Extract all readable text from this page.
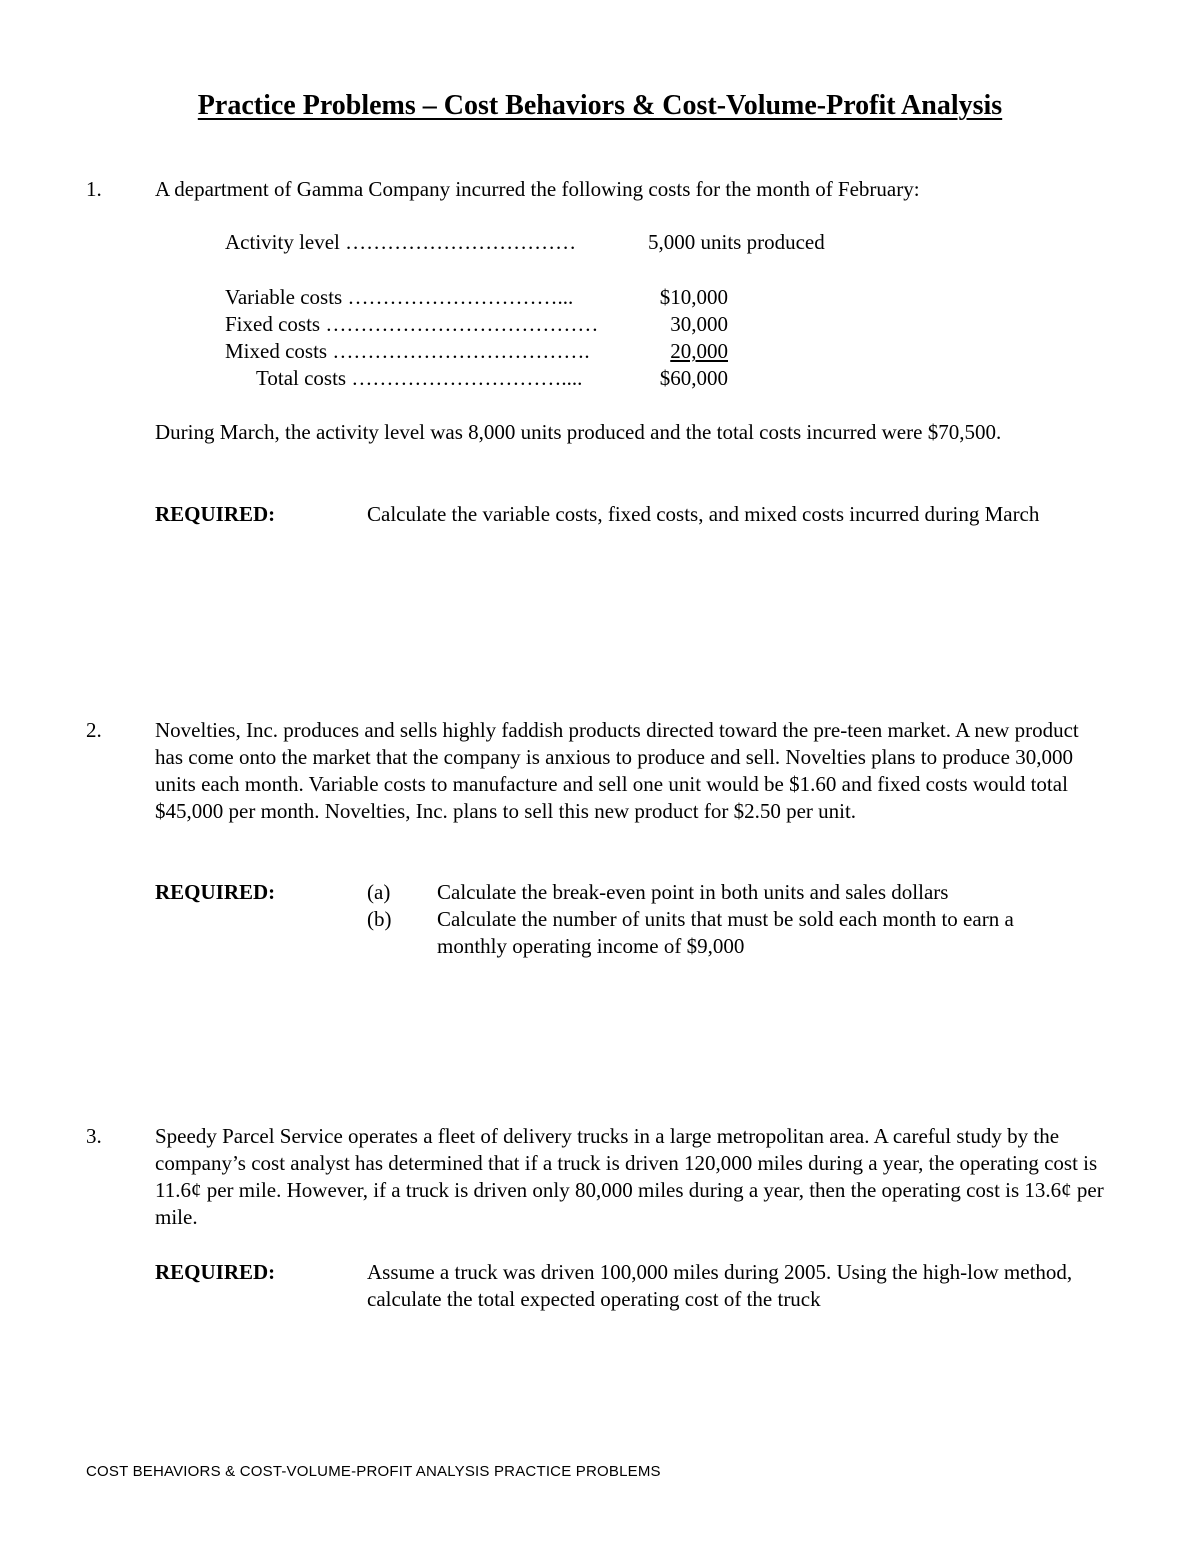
Practice Problems – Cost Behaviors & Cost-Volume-Profit Analysis
1.	A department of Gamma Company incurred the following costs for the month of February:
Activity level ……………………………	5,000 units produced
Variable costs …………………………...	$10,000
Fixed costs …………………………………	30,000
Mixed costs ……………………………….	20,000
Total costs …………………………....	$60,000
During March, the activity level was 8,000 units produced and the total costs incurred were $70,500.
REQUIRED:	Calculate the variable costs, fixed costs, and mixed costs incurred during March
2.	Novelties, Inc. produces and sells highly faddish products directed toward the pre-teen market. A new product has come onto the market that the company is anxious to produce and sell. Novelties plans to produce 30,000 units each month. Variable costs to manufacture and sell one unit would be $1.60 and fixed costs would total $45,000 per month. Novelties, Inc. plans to sell this new product for $2.50 per unit.
REQUIRED:	(a) Calculate the break-even point in both units and sales dollars
(b) Calculate the number of units that must be sold each month to earn a monthly operating income of $9,000
3.	Speedy Parcel Service operates a fleet of delivery trucks in a large metropolitan area. A careful study by the company’s cost analyst has determined that if a truck is driven 120,000 miles during a year, the operating cost is 11.6¢ per mile. However, if a truck is driven only 80,000 miles during a year, then the operating cost is 13.6¢ per mile.
REQUIRED:	Assume a truck was driven 100,000 miles during 2005. Using the high-low method, calculate the total expected operating cost of the truck
COST BEHAVIORS & COST-VOLUME-PROFIT ANALYSIS PRACTICE PROBLEMS
